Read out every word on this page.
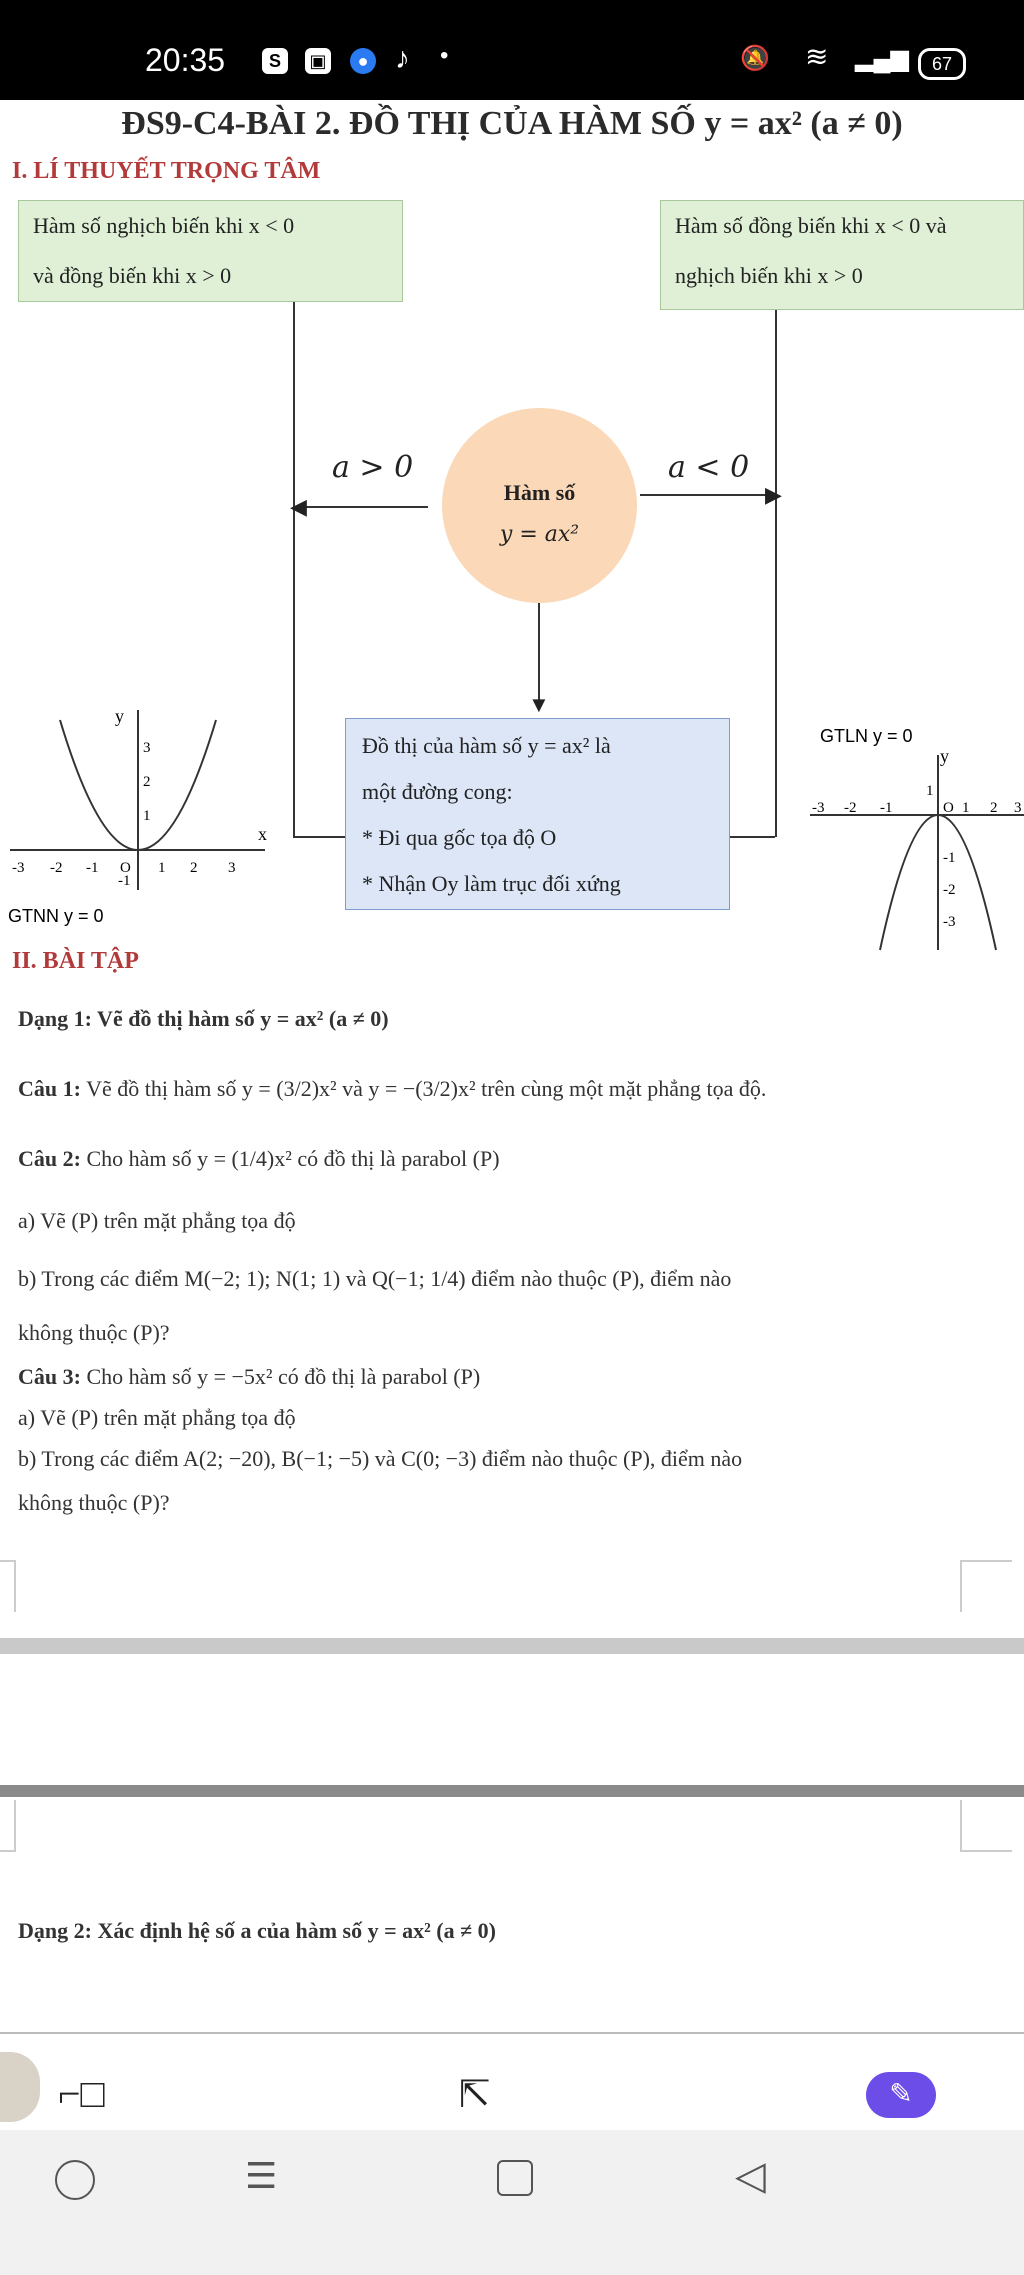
20:35	S	▣	● ♪ •	🔕 ≋ ▂▄▆	67
ĐS9-C4-BÀI 2. ĐỒ THỊ CỦA HÀM SỐ y = ax² (a ≠ 0)
I. LÍ THUYẾT TRỌNG TÂM
Hàm số nghịch biến khi x < 0
và đồng biến khi x > 0
Hàm số đồng biến khi x < 0 và
nghịch biến khi x > 0
◀	▶
a > 0	a < 0
Hàm số
y = ax²
▼
Đồ thị của hàm số y = ax² là
một đường cong:
* Đi qua gốc tọa độ O
* Nhận Oy làm trục đối xứng
x
y
-3 -2 -1 O 1 2 3
3
2
1
-1
GTNN y = 0
GTLN y = 0
y
-3 -2 -1	O 1 2 3
1
-1
-2
-3
II. BÀI TẬP
Dạng 1: Vẽ đồ thị hàm số y = ax² (a ≠ 0)
Câu 1: Vẽ đồ thị hàm số y = (3/2)x² và y = −(3/2)x² trên cùng một mặt phẳng tọa độ.
Câu 2: Cho hàm số y = (1/4)x² có đồ thị là parabol (P)
a) Vẽ (P) trên mặt phẳng tọa độ
b) Trong các điểm M(−2; 1); N(1; 1) và Q(−1; 1/4) điểm nào thuộc (P), điểm nào
không thuộc (P)?
Câu 3: Cho hàm số y = −5x² có đồ thị là parabol (P)
a) Vẽ (P) trên mặt phẳng tọa độ
b) Trong các điểm A(2; −20), B(−1; −5) và C(0; −3) điểm nào thuộc (P), điểm nào
không thuộc (P)?
Dạng 2: Xác định hệ số a của hàm số y = ax² (a ≠ 0)
⌐□	⇱	✎
☰	◁
